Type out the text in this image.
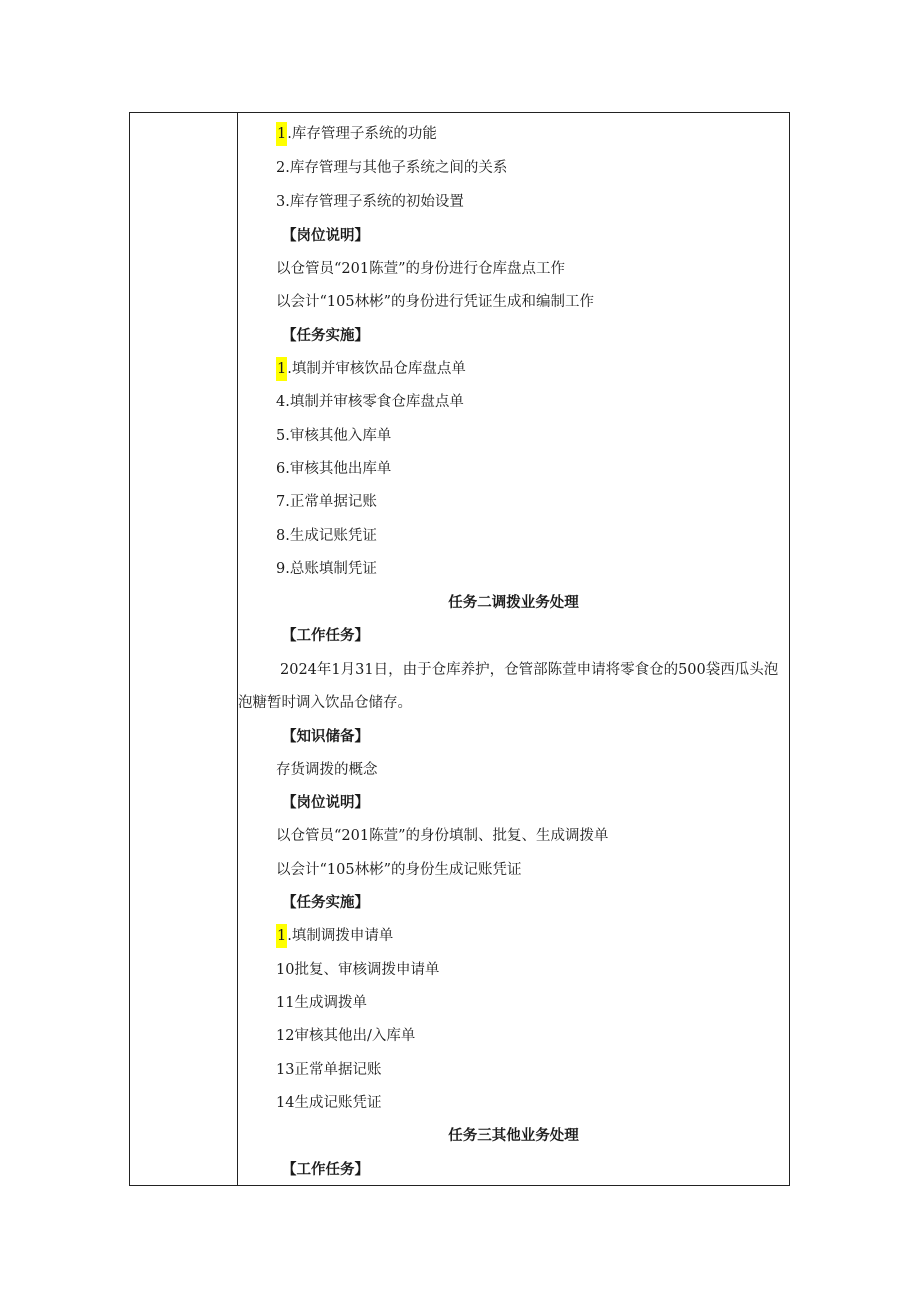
1.库存管理子系统的功能
2.库存管理与其他子系统之间的关系
3.库存管理子系统的初始设置
【岗位说明】
以仓管员“201陈萱”的身份进行仓库盘点工作
以会计“105林彬”的身份进行凭证生成和编制工作
【任务实施】
1.填制并审核饮品仓库盘点单
4.填制并审核零食仓库盘点单
5.审核其他入库单
6.审核其他出库单
7.正常单据记账
8.生成记账凭证
9.总账填制凭证
任务二调拨业务处理
【工作任务】
2024年1月31日，由于仓库养护，仓管部陈萱申请将零食仓的500袋西瓜头泡
泡糖暂时调入饮品仓储存。
【知识储备】
存货调拨的概念
【岗位说明】
以仓管员“201陈萱”的身份填制、批复、生成调拨单
以会计“105林彬”的身份生成记账凭证
【任务实施】
1.填制调拨申请单
10批复、审核调拨申请单
11生成调拨单
12审核其他出/入库单
13正常单据记账
14生成记账凭证
任务三其他业务处理
【工作任务】
